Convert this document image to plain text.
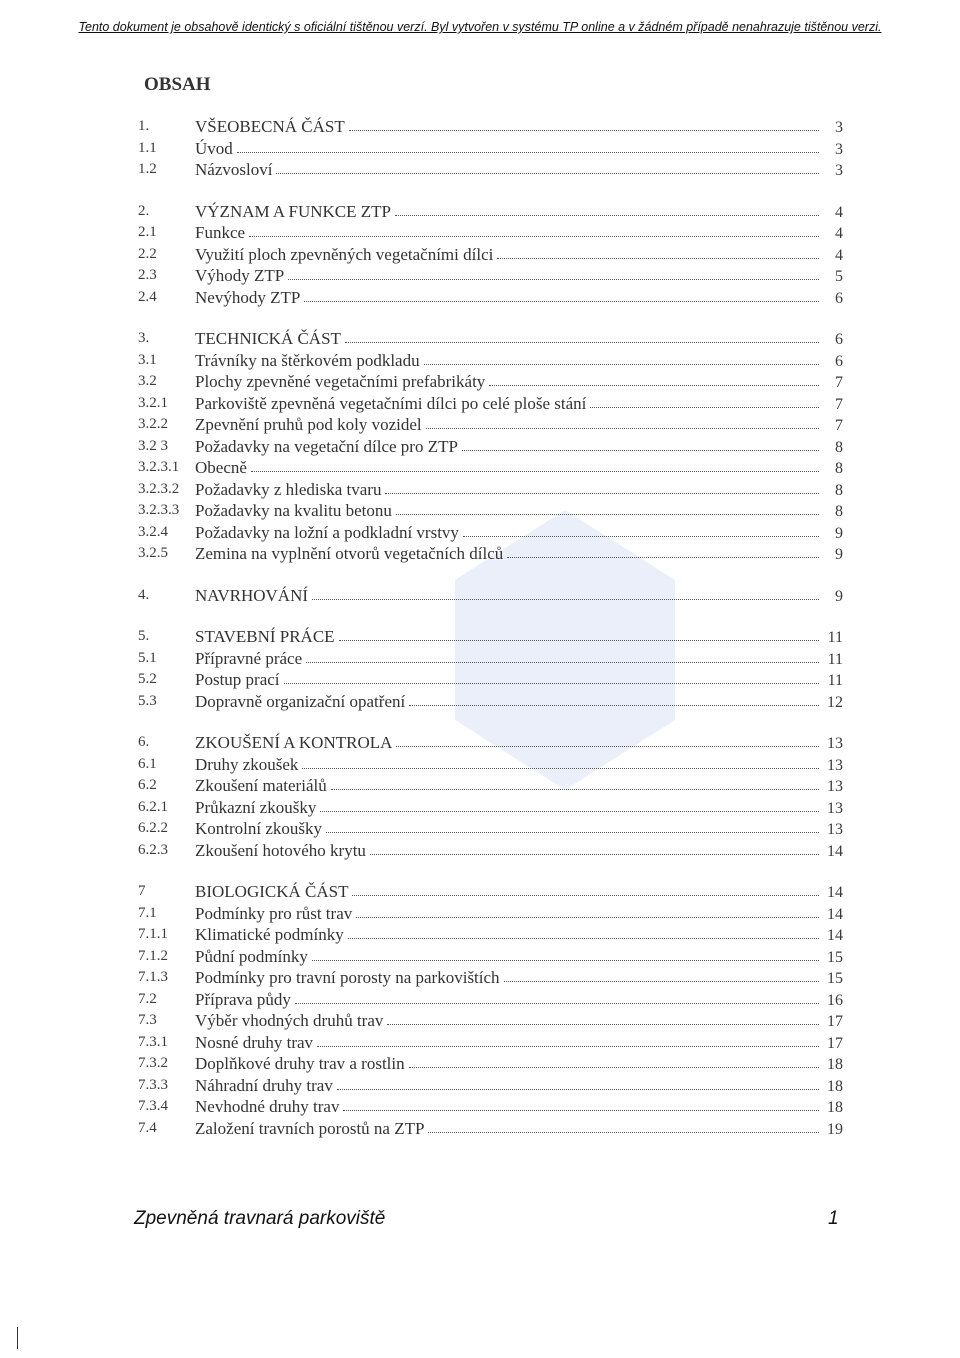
Tento dokument je obsahově identický s oficiální tištěnou verzí. Byl vytvořen v systému TP online a v žádném případě nenahrazuje tištěnou verzi.
OBSAH
1.	VŠEOBECNÁ ČÁST	3
1.1 Úvod	3
1.2 Názvosloví	3
2.	VÝZNAM A FUNKCE ZTP	4
2.1 Funkce	4
2.2 Využití ploch zpevněných vegetačními dílci	4
2.3 Výhody ZTP	5
2.4 Nevýhody ZTP	6
3.	TECHNICKÁ ČÁST	6
3.1 Trávníky na štěrkovém podkladu	6
3.2 Plochy zpevněné vegetačními prefabrikáty	7
3.2.1 Parkoviště zpevněná vegetačními dílci po celé ploše stání	7
3.2.2 Zpevnění pruhů pod koly vozidel	7
3.2 3 Požadavky na vegetační dílce pro ZTP	8
3.2.3.1 Obecně	8
3.2.3.2 Požadavky z hlediska tvaru	8
3.2.3.3 Požadavky na kvalitu betonu	8
3.2.4 Požadavky na ložní a podkladní vrstvy	9
3.2.5 Zemina na vyplnění otvorů vegetačních dílců	9
4.	NAVRHOVÁNÍ	9
5.	STAVEBNÍ PRÁCE	11
5.1 Přípravné práce	11
5.2 Postup prací	11
5.3 Dopravně organizační opatření	12
6.	ZKOUŠENÍ A KONTROLA	13
6.1 Druhy zkoušek	13
6.2 Zkoušení materiálů	13
6.2.1 Průkazní zkoušky	13
6.2.2 Kontrolní zkoušky	13
6.2.3 Zkoušení hotového krytu	14
7	BIOLOGICKÁ ČÁST	14
7.1 Podmínky pro růst trav	14
7.1.1 Klimatické podmínky	14
7.1.2 Půdní podmínky	15
7.1.3 Podmínky pro travní porosty na parkovištích	15
7.2 Příprava půdy	16
7.3 Výběr vhodných druhů trav	17
7.3.1 Nosné druhy trav	17
7.3.2 Doplňkové druhy trav a rostlin	18
7.3.3 Náhradní druhy trav	18
7.3.4 Nevhodné druhy trav	18
7.4 Založení travních porostů na ZTP	19
Zpevněná travnará parkoviště	1
